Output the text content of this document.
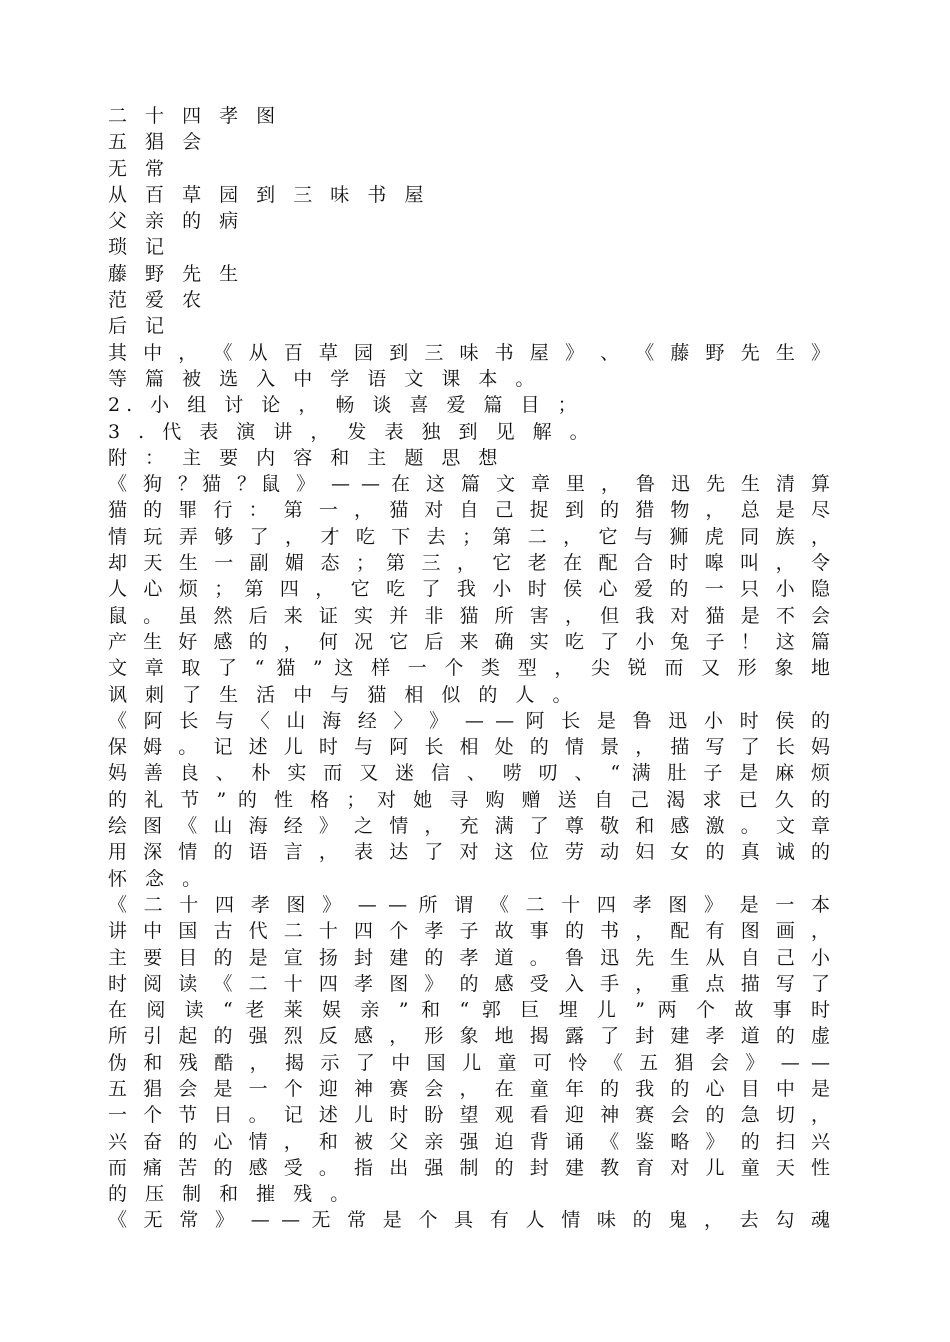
二 十 四 孝 图
五 猖 会
无 常
从 百 草 园 到 三 味 书 屋
父 亲 的 病
琐 记
藤 野 先 生
范 爱 农
后 记
其 中 ， 《 从 百 草 园 到 三 味 书 屋 》 、 《 藤 野 先 生 》
等 篇 被 选 入 中 学 语 文 课 本 。
2. 小 组 讨 论 ， 畅 谈 喜 爱 篇 目 ；
3 . 代 表 演 讲 ， 发 表 独 到 见 解 。
附 ： 主 要 内 容 和 主 题 思 想
《 狗 ？猫 ？鼠 》 — — 在 这 篇 文 章 里 ， 鲁 迅 先 生 清 算
猫 的 罪 行 ： 第 一 ， 猫 对 自 己 捉 到 的 猎 物 ， 总 是 尽
情 玩 弄 够 了 ， 才 吃 下 去 ； 第 二 ， 它 与 狮 虎 同 族 ，
却 天 生 一 副 媚 态 ； 第 三 ， 它 老 在 配 合 时 嗥 叫 ， 令
人 心 烦 ； 第 四 ， 它 吃 了 我 小 时 侯 心 爱 的 一 只 小 隐
鼠 。 虽 然 后 来 证 实 并 非 猫 所 害 ， 但 我 对 猫 是 不 会
产 生 好 感 的 ， 何 况 它 后 来 确 实 吃 了 小 兔 子 ！ 这 篇
文 章 取 了 “ 猫 ” 这 样 一 个 类 型 ， 尖 锐 而 又 形 象 地
讽 刺 了 生 活 中 与 猫 相 似 的 人 。
《 阿 长 与 〈 山 海 经 〉 》 — — 阿 长 是 鲁 迅 小 时 侯 的
保 姆 。 记 述 儿 时 与 阿 长 相 处 的 情 景 ， 描 写 了 长 妈
妈 善 良 、 朴 实 而 又 迷 信 、 唠 叨 、 “ 满 肚 子 是 麻 烦
的 礼 节 ” 的 性 格 ； 对 她 寻 购 赠 送 自 己 渴 求 已 久 的
绘 图 《 山 海 经 》 之 情 ， 充 满 了 尊 敬 和 感 激 。 文 章
用 深 情 的 语 言 ， 表 达 了 对 这 位 劳 动 妇 女 的 真 诚 的
怀 念 。
《 二 十 四 孝 图 》 — — 所 谓 《 二 十 四 孝 图 》 是 一 本
讲 中 国 古 代 二 十 四 个 孝 子 故 事 的 书 ， 配 有 图 画 ，
主 要 目 的 是 宣 扬 封 建 的 孝 道 。 鲁 迅 先 生 从 自 己 小
时 阅 读 《 二 十 四 孝 图 》 的 感 受 入 手 ， 重 点 描 写 了
在 阅 读 “ 老 莱 娱 亲 ” 和 “ 郭 巨 埋 儿 ” 两 个 故 事 时
所 引 起 的 强 烈 反 感 ， 形 象 地 揭 露 了 封 建 孝 道 的 虚
伪 和 残 酷 ， 揭 示 了 中 国 儿 童 可 怜 《 五 猖 会 》 — —
五 猖 会 是 一 个 迎 神 赛 会 ， 在 童 年 的 我 的 心 目 中 是
一 个 节 日 。 记 述 儿 时 盼 望 观 看 迎 神 赛 会 的 急 切 ，
兴 奋 的 心 情 ， 和 被 父 亲 强 迫 背 诵 《 鉴 略 》 的 扫 兴
而 痛 苦 的 感 受 。 指 出 强 制 的 封 建 教 育 对 儿 童 天 性
的 压 制 和 摧 残 。
《 无 常 》 — — 无 常 是 个 具 有 人 情 味 的 鬼 ， 去 勾 魂
